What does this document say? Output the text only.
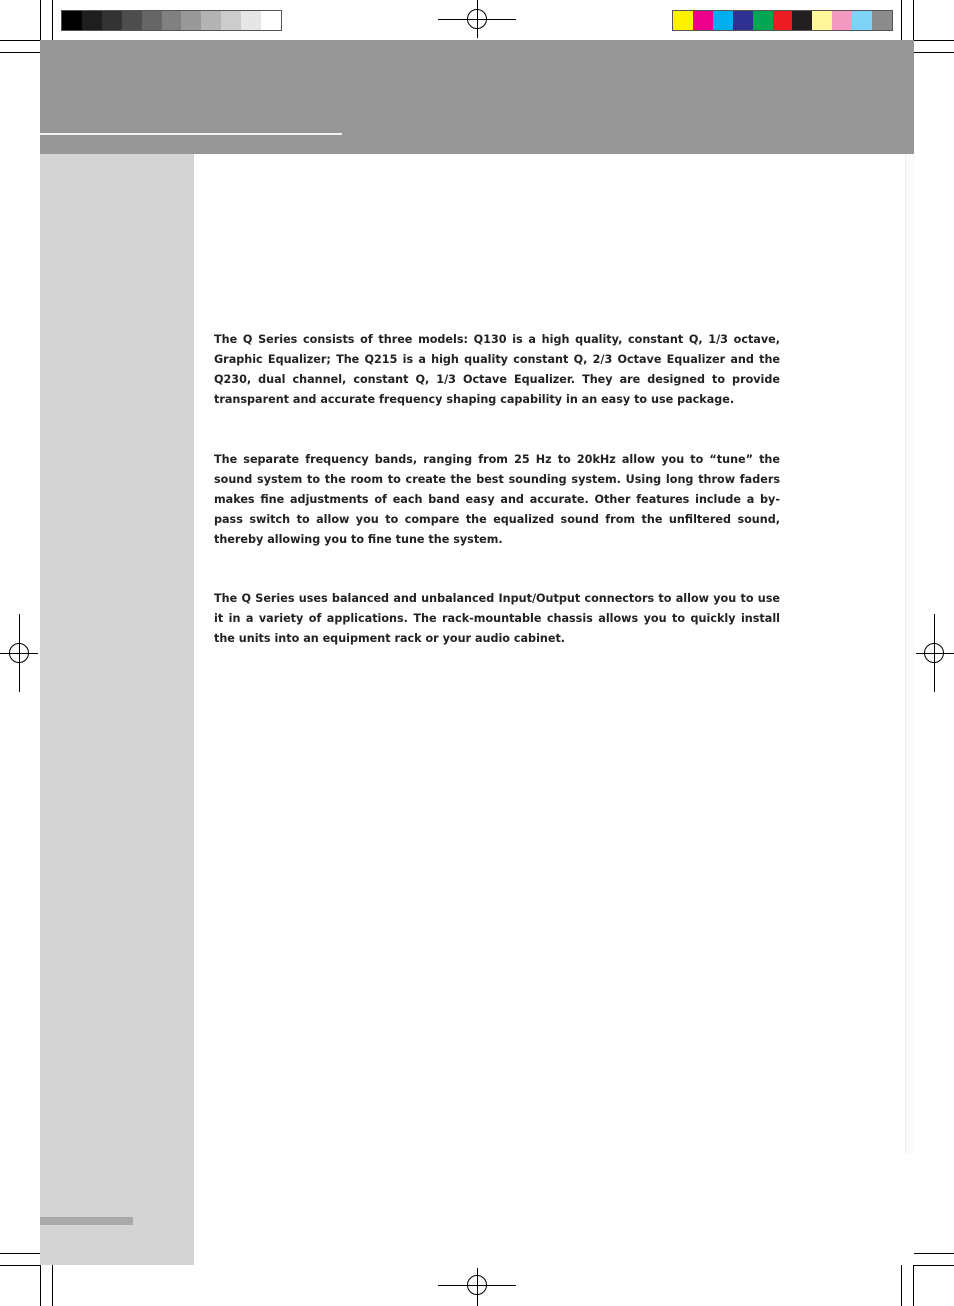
The Q Series consists of three models: Q130 is a high quality, constant Q, 1/3 octave, Graphic Equalizer; The Q215 is a high quality constant Q, 2/3 Octave Equalizer and the Q230, dual channel, constant Q, 1/3 Octave Equalizer. They are designed to provide transparent and accurate frequency shaping capability in an easy to use package.
The separate frequency bands, ranging from 25 Hz to 20kHz allow you to “tune” the sound system to the room to create the best sounding system. Using long throw faders makes fine adjustments of each band easy and accurate. Other features include a by-pass switch to allow you to compare the equalized sound from the unfiltered sound, thereby allowing you to fine tune the system.
The Q Series uses balanced and unbalanced Input/Output connectors to allow you to use it in a variety of applications. The rack-mountable chassis allows you to quickly install the units into an equipment rack or your audio cabinet.
